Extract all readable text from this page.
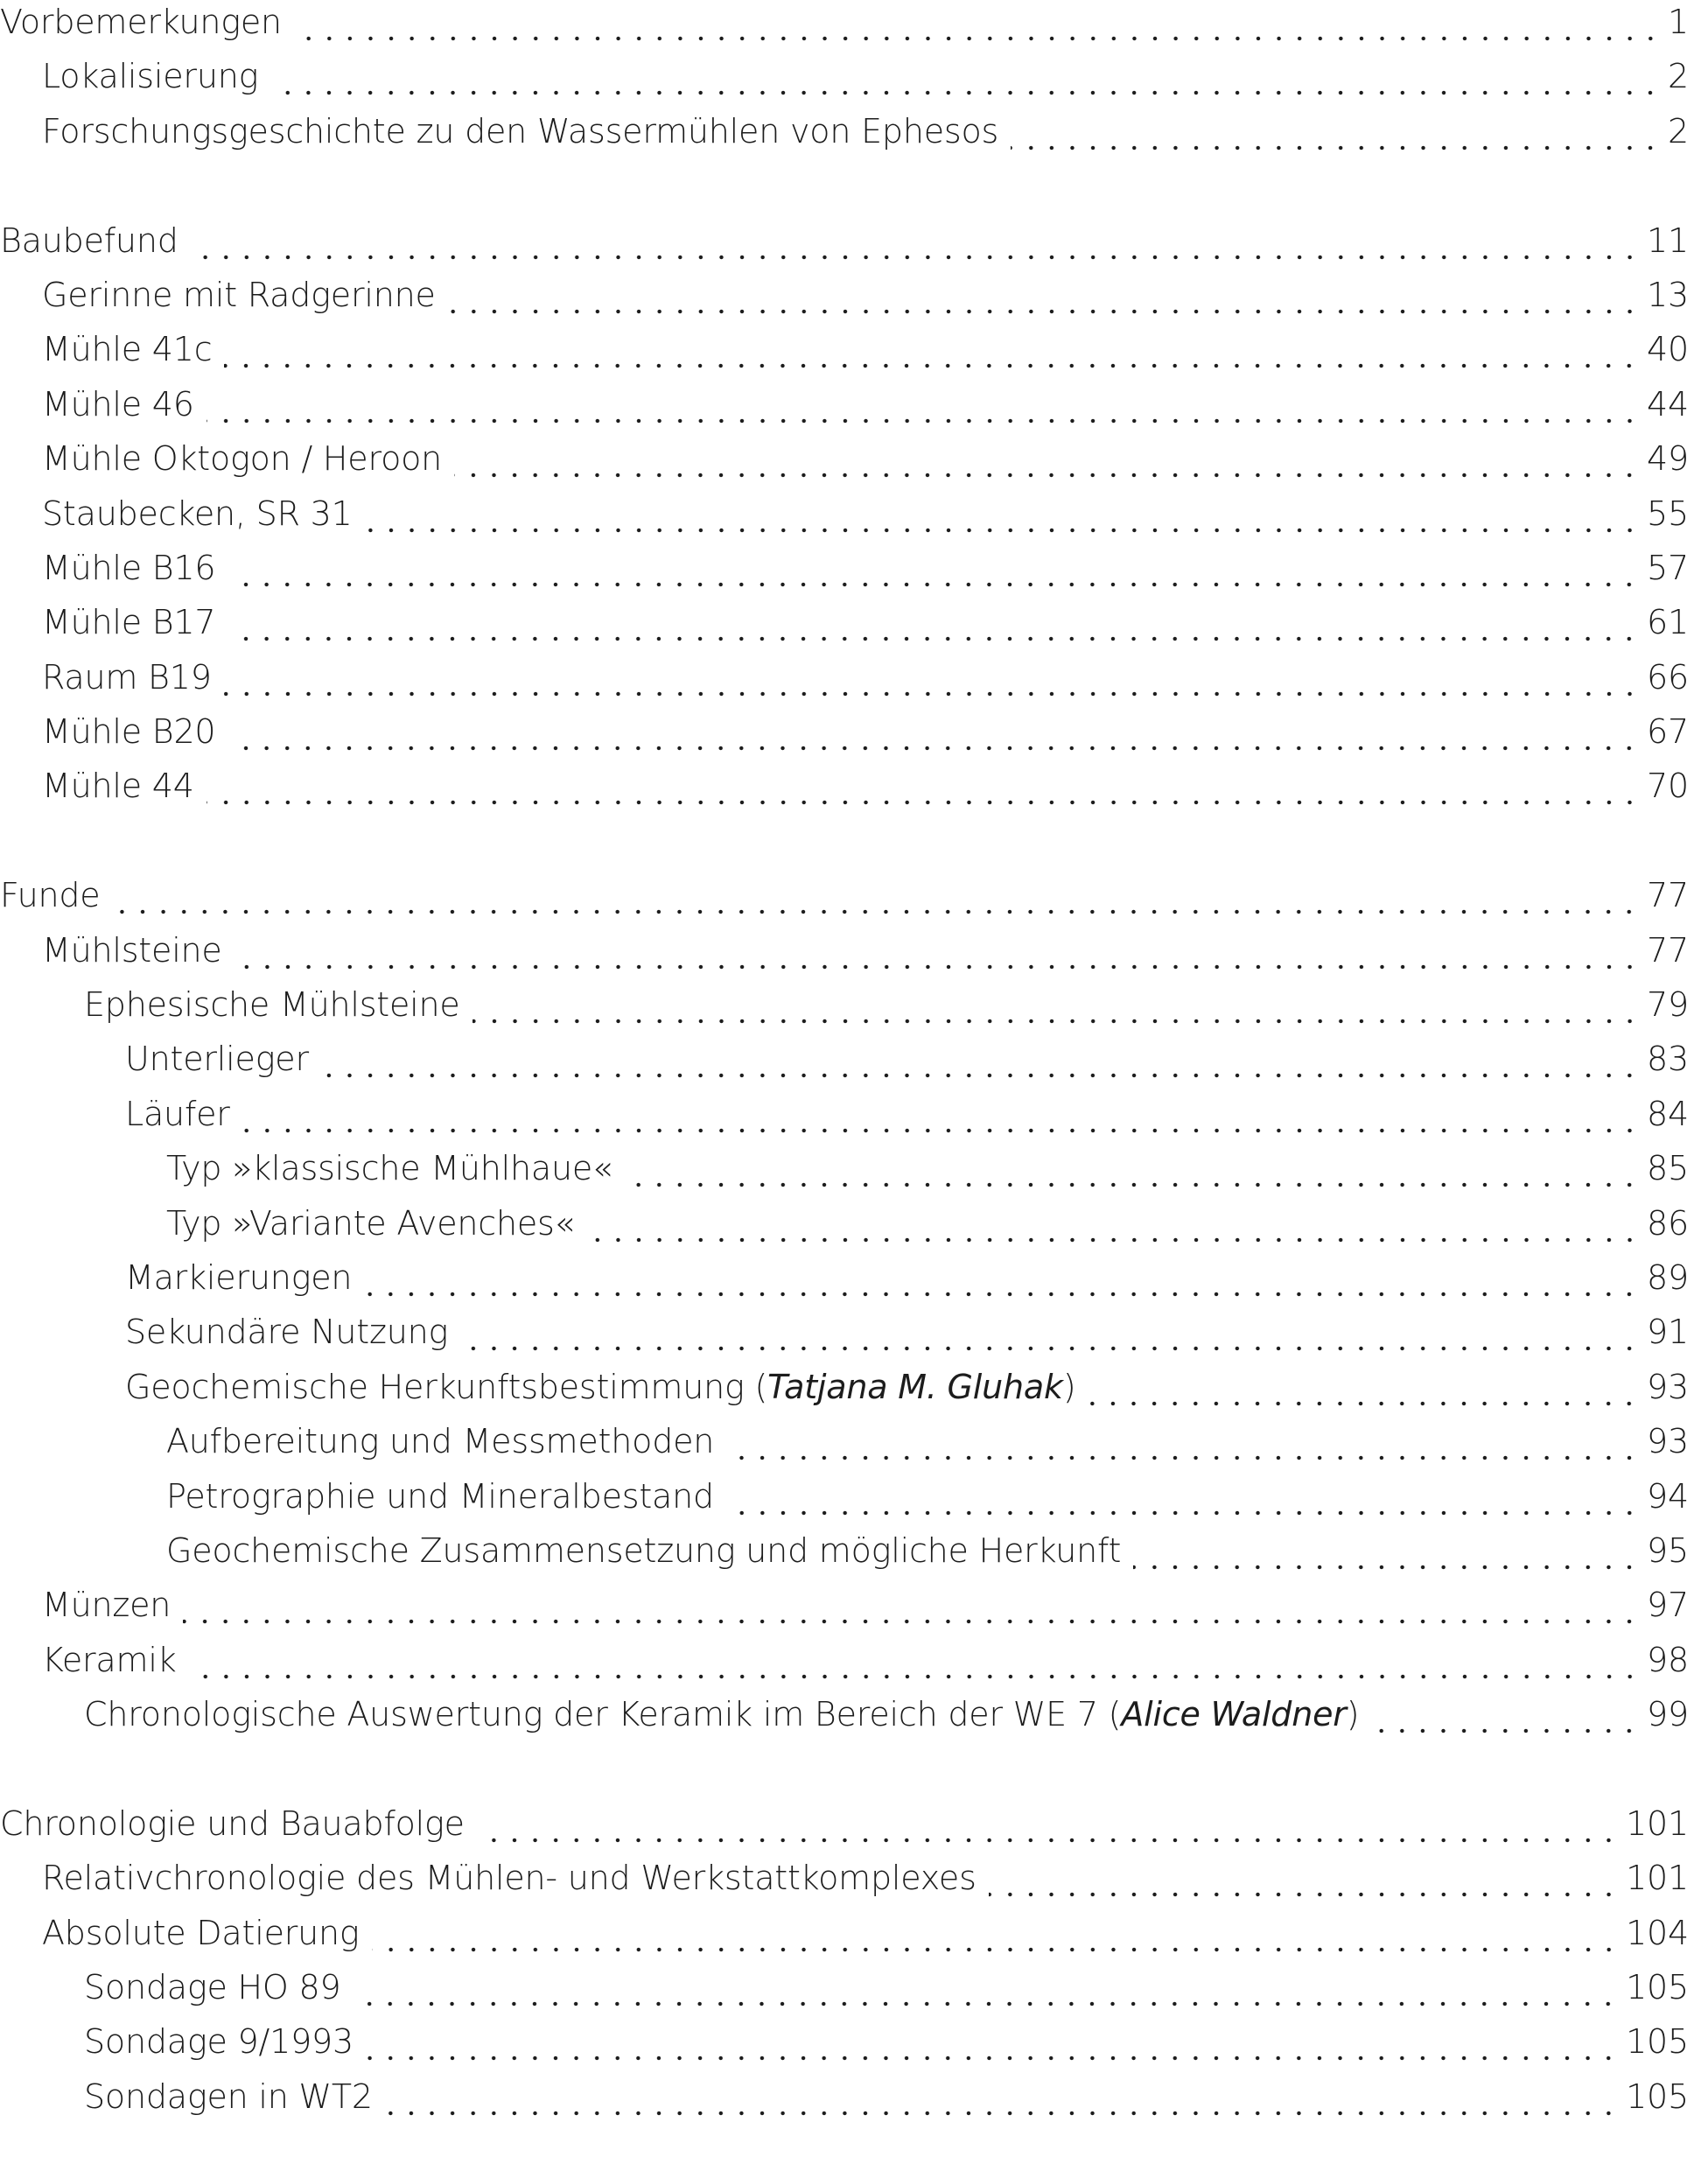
Vorbemerkungen	1
Lokalisierung	2
Forschungsgeschichte zu den Wassermühlen von Ephesos	2
Baubefund	11
Gerinne mit Radgerinne	13
Mühle 41c	40
Mühle 46	44
Mühle Oktogon / Heroon	49
Staubecken, SR 31	55
Mühle B16	57
Mühle B17	61
Raum B19	66
Mühle B20	67
Mühle 44	70
Funde	77
Mühlsteine	77
Ephesische Mühlsteine	79
Unterlieger	83
Läufer	84
Typ »klassische Mühlhaue«	85
Typ »Variante Avenches«	86
Markierungen	89
Sekundäre Nutzung	91
Geochemische Herkunftsbestimmung (Tatjana M. Gluhak)	93
Aufbereitung und Messmethoden	93
Petrographie und Mineralbestand	94
Geochemische Zusammensetzung und mögliche Herkunft	95
Münzen	97
Keramik	98
Chronologische Auswertung der Keramik im Bereich der WE 7 (Alice Waldner)	99
Chronologie und Bauabfolge	101
Relativchronologie des Mühlen- und Werkstattkomplexes	101
Absolute Datierung	104
Sondage HO 89	105
Sondage 9/1993	105
Sondagen in WT2	105
